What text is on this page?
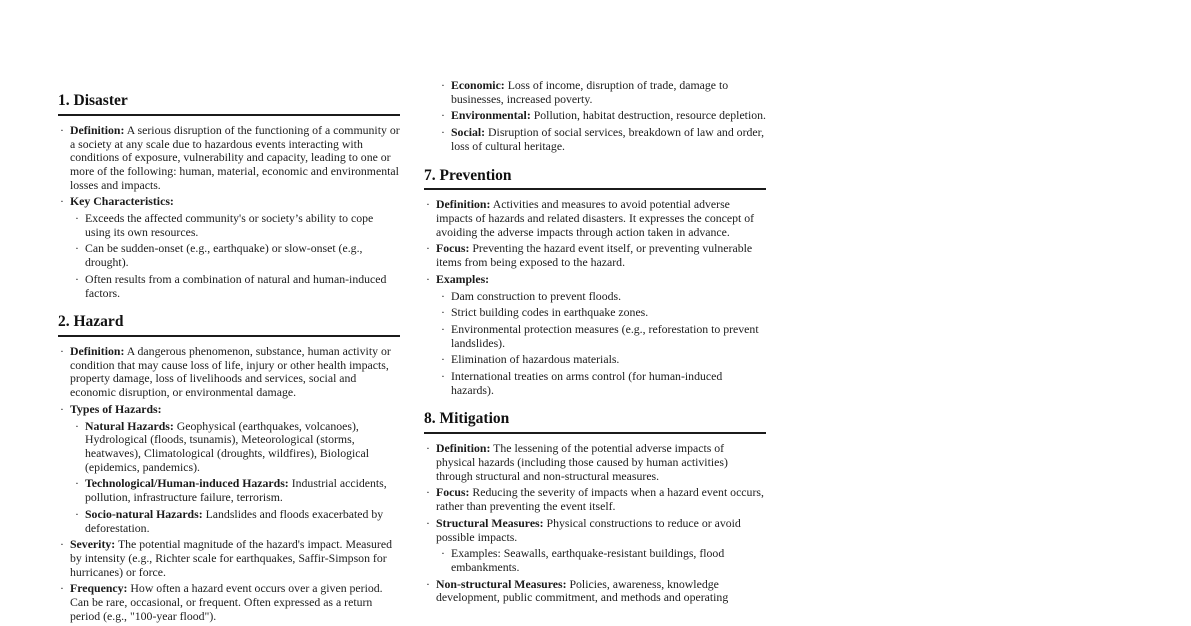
1. Disaster
· Definition: A serious disruption of the functioning of a community or a society at any scale due to hazardous events interacting with conditions of exposure, vulnerability and capacity, leading to one or more of the following: human, material, economic and environmental losses and impacts.
· Key Characteristics:
· Exceeds the affected community's or society’s ability to cope using its own resources.
· Can be sudden-onset (e.g., earthquake) or slow-onset (e.g., drought).
· Often results from a combination of natural and human-induced factors.
2. Hazard
· Definition: A dangerous phenomenon, substance, human activity or condition that may cause loss of life, injury or other health impacts, property damage, loss of livelihoods and services, social and economic disruption, or environmental damage.
· Types of Hazards:
· Natural Hazards: Geophysical (earthquakes, volcanoes), Hydrological (floods, tsunamis), Meteorological (storms, heatwaves), Climatological (droughts, wildfires), Biological (epidemics, pandemics).
· Technological/Human-induced Hazards: Industrial accidents, pollution, infrastructure failure, terrorism.
· Socio-natural Hazards: Landslides and floods exacerbated by deforestation.
· Severity: The potential magnitude of the hazard's impact. Measured by intensity (e.g., Richter scale for earthquakes, Saffir-Simpson for hurricanes) or force.
· Frequency: How often a hazard event occurs over a given period. Can be rare, occasional, or frequent. Often expressed as a return period (e.g., "100-year flood").
· Economic: Loss of income, disruption of trade, damage to businesses, increased poverty.
· Environmental: Pollution, habitat destruction, resource depletion.
· Social: Disruption of social services, breakdown of law and order, loss of cultural heritage.
7. Prevention
· Definition: Activities and measures to avoid potential adverse impacts of hazards and related disasters. It expresses the concept of avoiding the adverse impacts through action taken in advance.
· Focus: Preventing the hazard event itself, or preventing vulnerable items from being exposed to the hazard.
· Examples:
· Dam construction to prevent floods.
· Strict building codes in earthquake zones.
· Environmental protection measures (e.g., reforestation to prevent landslides).
· Elimination of hazardous materials.
· International treaties on arms control (for human-induced hazards).
8. Mitigation
· Definition: The lessening of the potential adverse impacts of physical hazards (including those caused by human activities) through structural and non-structural measures.
· Focus: Reducing the severity of impacts when a hazard event occurs, rather than preventing the event itself.
· Structural Measures: Physical constructions to reduce or avoid possible impacts.
· Examples: Seawalls, earthquake-resistant buildings, flood embankments.
· Non-structural Measures: Policies, awareness, knowledge development, public commitment, and methods and operating
